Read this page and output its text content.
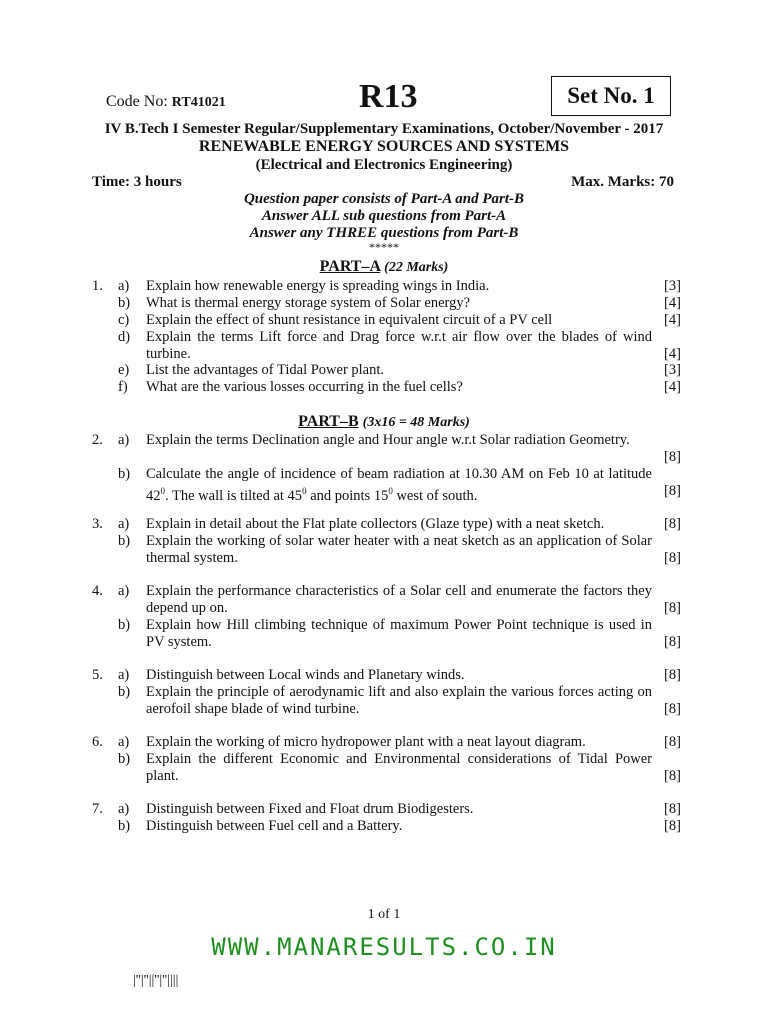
Code No: RT41021	R13	Set No. 1
IV B.Tech I Semester Regular/Supplementary Examinations, October/November - 2017
RENEWABLE ENERGY SOURCES AND SYSTEMS
(Electrical and Electronics Engineering)
Time: 3 hours	Max. Marks: 70
Question paper consists of Part-A and Part-B
Answer ALL sub questions from Part-A
Answer any THREE questions from Part-B
*****
PART–A (22 Marks)
1.	a)	Explain how renewable energy is spreading wings in India.	[3]
b)	What is thermal energy storage system of Solar energy?	[4]
c)	Explain the effect of shunt resistance in equivalent circuit of a PV cell	[4]
d)	Explain the terms Lift force and Drag force w.r.t air flow over the blades of wind turbine.	[4]
e)	List the advantages of Tidal Power plant.	[3]
f)	What are the various losses occurring in the fuel cells?	[4]
PART–B (3x16 = 48 Marks)
2.	a)	Explain the terms Declination angle and Hour angle w.r.t Solar radiation Geometry.
[8]
b)	Calculate the angle of incidence of beam radiation at 10.30 AM on Feb 10 at latitude $42^0$. The wall is tilted at $45^0$ and points $15^0$ west of south.	[8]
3.	a)	Explain in detail about the Flat plate collectors (Glaze type) with a neat sketch.	[8]
b)	Explain the working of solar water heater with a neat sketch as an application of Solar thermal system.	[8]
4.	a)	Explain the performance characteristics of a Solar cell and enumerate the factors they depend up on.	[8]
b)	Explain how Hill climbing technique of maximum Power Point technique is used in PV system.	[8]
5.	a)	Distinguish between Local winds and Planetary winds.	[8]
b)	Explain the principle of aerodynamic lift and also explain the various forces acting on aerofoil shape blade of wind turbine.	[8]
6.	a)	Explain the working of micro hydropower plant with a neat layout diagram.	[8]
b)	Explain the different Economic and Environmental considerations of Tidal Power plant.	[8]
7.	a)	Distinguish between Fixed and Float drum Biodigesters.	[8]
b)	Distinguish between Fuel cell and a Battery.	[8]
1 of 1
WWW.MANARESULTS.CO.IN
|''|''||''|''||||
